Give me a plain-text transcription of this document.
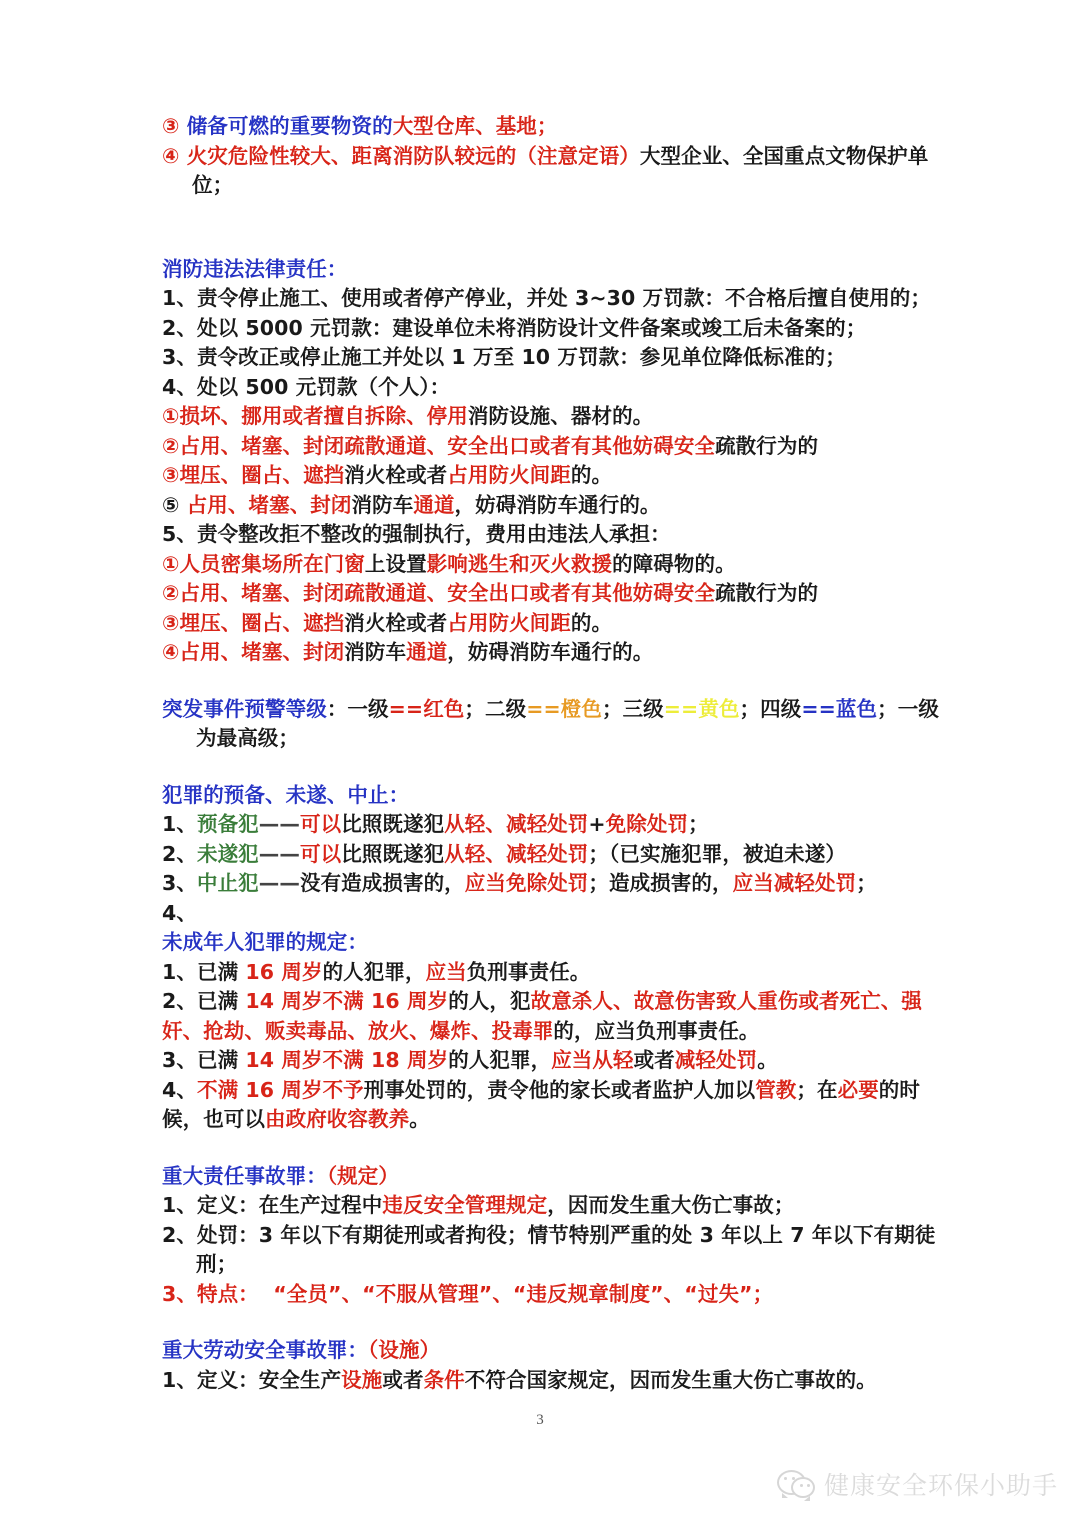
③ 储备可燃的重要物资的大型仓库、基地；
④ 火灾危险性较大、距离消防队较远的（注意定语）大型企业、全国重点文物保护单位；
消防违法法律责任：
1、责令停止施工、使用或者停产停业，并处 3~30 万罚款：不合格后擅自使用的；
2、处以 5000 元罚款：建设单位未将消防设计文件备案或竣工后未备案的；
3、责令改正或停止施工并处以 1 万至 10 万罚款：参见单位降低标准的；
4、处以 500 元罚款（个人）：
①损坏、挪用或者擅自拆除、停用消防设施、器材的。
②占用、堵塞、封闭疏散通道、安全出口或者有其他妨碍安全疏散行为的
③埋压、圈占、遮挡消火栓或者占用防火间距的。
⑤ 占用、堵塞、封闭消防车通道，妨碍消防车通行的。
5、责令整改拒不整改的强制执行，费用由违法人承担：
①人员密集场所在门窗上设置影响逃生和灭火救援的障碍物的。
②占用、堵塞、封闭疏散通道、安全出口或者有其他妨碍安全疏散行为的
③埋压、圈占、遮挡消火栓或者占用防火间距的。
④占用、堵塞、封闭消防车通道，妨碍消防车通行的。
突发事件预警等级：一级==红色；二级==橙色；三级==黄色；四级==蓝色；一级为最高级；
犯罪的预备、未遂、中止：
1、预备犯——可以比照既遂犯从轻、减轻处罚+免除处罚；
2、未遂犯——可以比照既遂犯从轻、减轻处罚；（已实施犯罪，被迫未遂）
3、中止犯——没有造成损害的，应当免除处罚；造成损害的，应当减轻处罚；
4、
未成年人犯罪的规定：
1、已满 16 周岁的人犯罪，应当负刑事责任。
2、已满 14 周岁不满 16 周岁的人，犯故意杀人、故意伤害致人重伤或者死亡、强奸、抢劫、贩卖毒品、放火、爆炸、投毒罪的，应当负刑事责任。
3、已满 14 周岁不满 18 周岁的人犯罪，应当从轻或者减轻处罚。
4、不满 16 周岁不予刑事处罚的，责令他的家长或者监护人加以管教；在必要的时候，也可以由政府收容教养。
重大责任事故罪：（规定）
1、定义：在生产过程中违反安全管理规定，因而发生重大伤亡事故；
2、处罚：3 年以下有期徒刑或者拘役；情节特别严重的处 3 年以上 7 年以下有期徒刑；
3、特点：  “全员”、“不服从管理”、“违反规章制度”、“过失”；
重大劳动安全事故罪：（设施）
1、定义：安全生产设施或者条件不符合国家规定，因而发生重大伤亡事故的。
3
健康安全环保小助手
